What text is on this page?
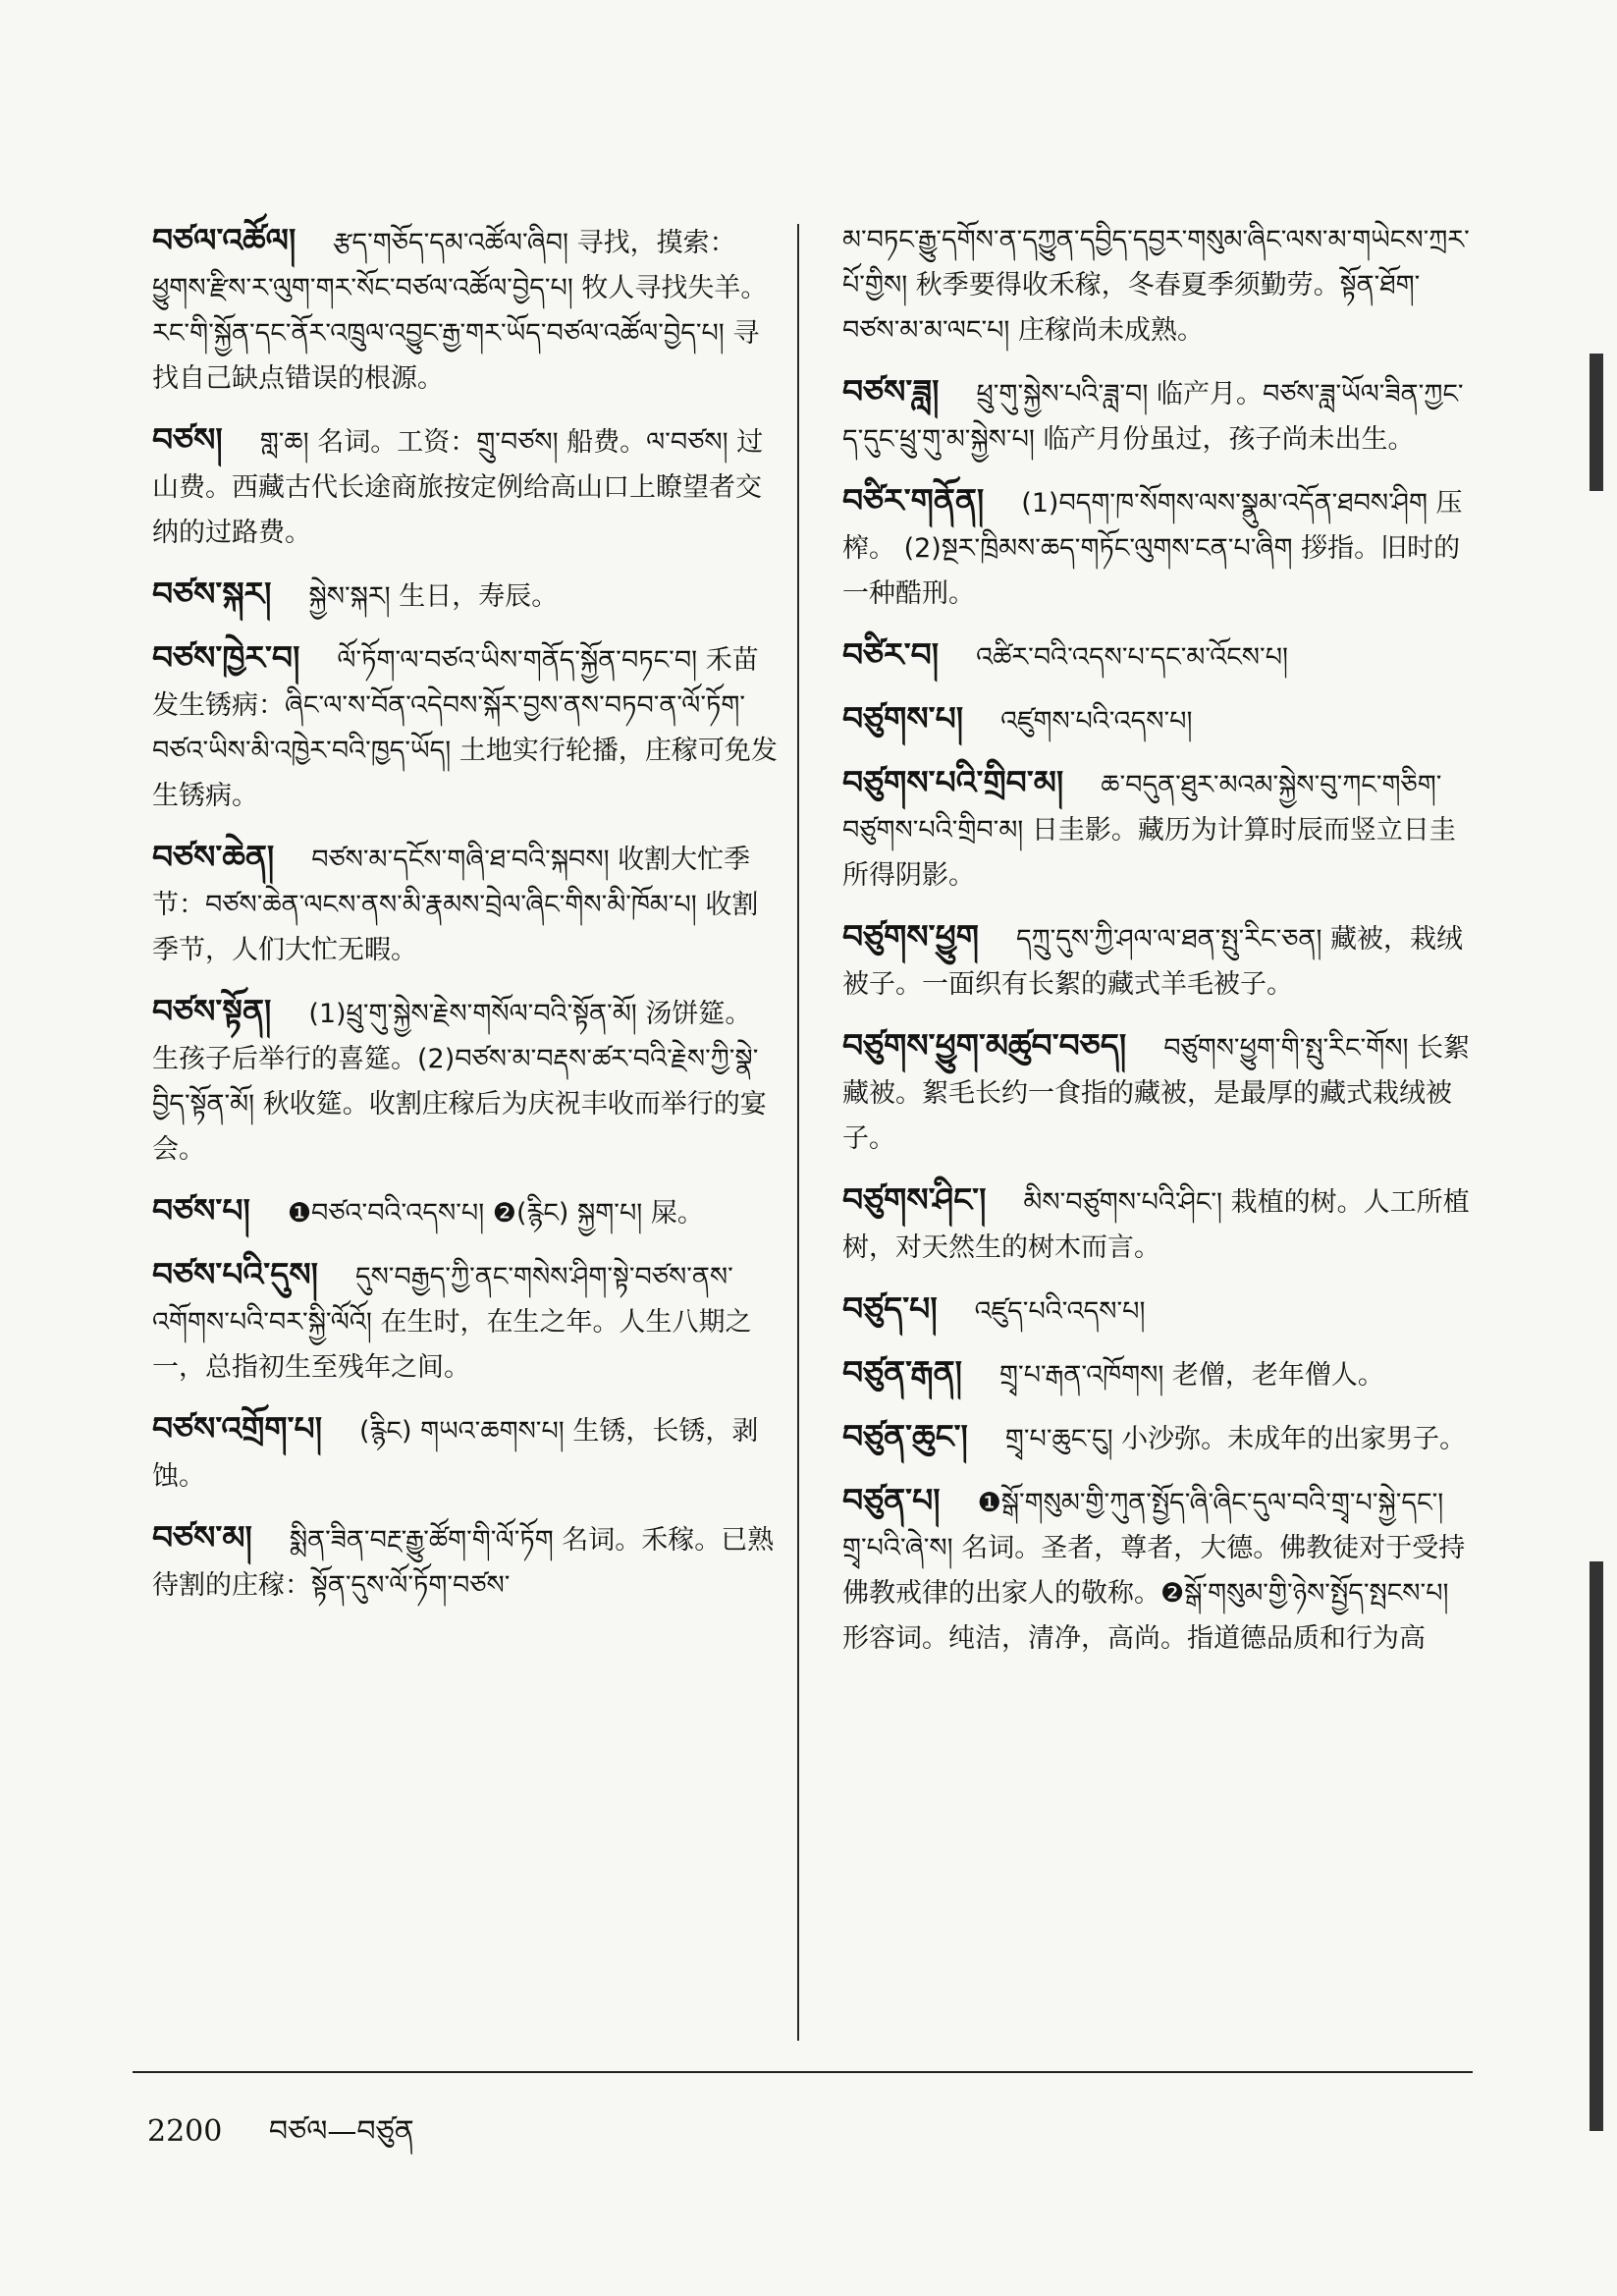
བཙལ་འཚོལ། རྩད་གཅོད་དམ་འཚོལ་ཞིབ། 寻找，摸索：ཕྱུགས་རྫིས་ར་ལུག་གར་སོང་བཙལ་འཚོལ་བྱེད་པ། 牧人寻找失羊。རང་གི་སྐྱོན་དང་ནོར་འཁྲུལ་འབྱུང་རྒྱ་གར་ཡོད་བཙལ་འཚོལ་བྱེད་པ། 寻找自己缺点错误的根源。

བཙས། གླ་ཆ། 名词。工资：གྲུ་བཙས། 船费。ལ་བཙས། 过山费。西藏古代长途商旅按定例给高山口上瞭望者交纳的过路费。

བཙས་སྐར། སྐྱེས་སྐར། 生日，寿辰。

བཙས་ཁྱེར་བ། ལོ་ཏོག་ལ་བཙའ་ཡིས་གནོད་སྐྱོན་བཏང་བ། 禾苗发生锈病：ཞིང་ལ་ས་བོན་འདེབས་སྐོར་བྱས་ནས་བཏབ་ན་ལོ་ཏོག་བཙའ་ཡིས་མི་འཁྱེར་བའི་ཁྱད་ཡོད། 土地实行轮播，庄稼可免发生锈病。

བཙས་ཆེན། བཙས་མ་དངོས་གཞི་ཐ་བའི་སྐབས། 收割大忙季节：བཙས་ཆེན་ལངས་ནས་མི་རྣམས་བྲེལ་ཞིང་གིས་མི་ཁོམ་པ། 收割季节，人们大忙无暇。

བཙས་སྟོན། (1)ཕྲུ་གུ་སྐྱེས་རྗེས་གསོལ་བའི་སྟོན་མོ། 汤饼筵。生孩子后举行的喜筵。(2)བཙས་མ་བརྡས་ཚར་བའི་རྗེས་ཀྱི་སྣེ་བྱིད་སྟོན་མོ། 秋收筵。收割庄稼后为庆祝丰收而举行的宴会。

བཙས་པ། ❶བཙའ་བའི་འདས་པ། ❷(རྙིང) སྐྱག་པ། 屎。

བཙས་པའི་དུས། དུས་བརྒྱད་ཀྱི་ནང་གསེས་ཤིག་སྟེ་བཙས་ནས་འགོགས་པའི་བར་སྐྱི་ལོའོ། 在生时，在生之年。人生八期之一，总指初生至残年之间。

བཙས་འགྲོག་པ། (རྙིང) གཡའ་ཆགས་པ། 生锈，长锈，剥蚀。

བཙས་མ། སྨིན་ཟིན་བརྔ་རྒྱུ་ཚོག་གི་ལོ་ཏོག 名词。禾稼。已熟待割的庄稼：སྟོན་དུས་ལོ་ཏོག་བཙས་

མ་བཏང་རྒྱུ་དགོས་ན་དཀྱུན་དབྱིད་དབྱར་གསུམ་ཞིང་ལས་མ་གཡེངས་ཀྲར་པོ་གྱིས། 秋季要得收禾稼，冬春夏季须勤劳。སྟོན་ཐོག་བཙས་མ་མ་ལང་པ། 庄稼尚未成熟。

བཙས་ཟླ། ཕྲུ་གུ་སྐྱེས་པའི་ཟླ་བ། 临产月。བཙས་ཟླ་ཡོལ་ཟིན་ཀྱང་ད་དུང་ཕྲུ་གུ་མ་སྐྱེས་པ། 临产月份虽过，孩子尚未出生。

བཙིར་གནོན། (1)བདག་ཁ་སོགས་ལས་སྣུམ་འདོན་ཐབས་ཤིག 压榨。 (2)སྔར་ཁྲིམས་ཆད་གཏོང་ལུགས་ངན་པ་ཞིག 拶指。旧时的一种酷刑。

བཙིར་བ། འཚིར་བའི་འདས་པ་དང་མ་འོངས་པ།

བཙུགས་པ། འཛུགས་པའི་འདས་པ།

བཙུགས་པའི་གྲིབ་མ། ཆ་བདུན་ཐུར་མའམ་སྐྱེས་བུ་ཀང་གཅིག་བཙུགས་པའི་གྲིབ་མ། 日圭影。藏历为计算时辰而竖立日圭所得阴影。

བཙུགས་ཕྱུག དཀྲུ་དུས་ཀྱི་ཤལ་ལ་ཐན་སྤུ་རིང་ཅན། 藏被，栽绒被子。一面织有长絮的藏式羊毛被子。

བཙུགས་ཕྱུག་མཚུབ་བཅད། བཙུགས་ཕྱུག་གི་སྤུ་རིང་གོས། 长絮藏被。絮毛长约一食指的藏被，是最厚的藏式栽绒被子。

བཙུགས་ཤིང་། མིས་བཙུགས་པའི་ཤིང་། 栽植的树。人工所植树，对天然生的树木而言。

བཙུད་པ། འཛུད་པའི་འདས་པ།

བཙུན་རྒན། གྲྭ་པ་རྒན་འཁོགས། 老僧，老年僧人。

བཙུན་ཆུང་། གྲྭ་པ་ཆུང་ངུ། 小沙弥。未成年的出家男子。

བཙུན་པ། ❶སྒོ་གསུམ་གྱི་ཀུན་སྤྱོད་ཞི་ཞིང་དུལ་བའི་གྲྭ་པ་སྐྱེ་དང་། གྲྭ་པའི་ཞེ་ས། 名词。圣者，尊者，大德。佛教徒对于受持佛教戒律的出家人的敬称。❷སྒོ་གསུམ་གྱི་ཉེས་སྤྱོད་སྤངས་པ། 形容词。纯洁，清净，高尚。指道德品质和行为高

2200 བཙལ—བཙུན
